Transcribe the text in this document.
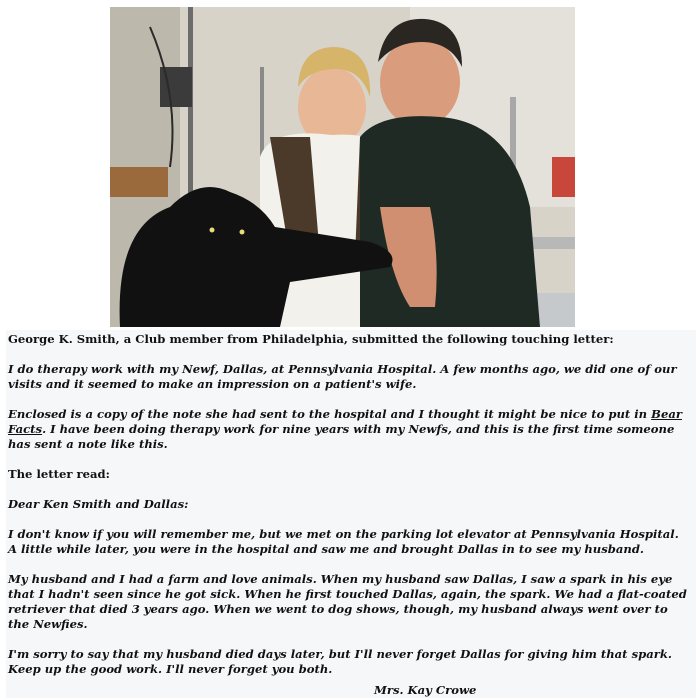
George K. Smith, a Club member from Philadelphia, submitted the following touching letter:

I do therapy work with my Newf, Dallas, at Pennsylvania Hospital. A few months ago, we did one of our

visits and it seemed to make an impression on a patient's wife.

Enclosed is a copy of the note she had sent to the hospital and I thought it might be nice to put in Bear

Facts. I have been doing therapy work for nine years with my Newfs, and this is the first time someone

has sent a note like this.

The letter read:

Dear Ken Smith and Dallas:

I don't know if you will remember me, but we met on the parking lot elevator at Pennsylvania Hospital.

A little while later, you were in the hospital and saw me and brought Dallas in to see my husband.

My husband and I had a farm and love animals. When my husband saw Dallas, I saw a spark in his eye

that I hadn't seen since he got sick. When he first touched Dallas, again, the spark. We had a flat-coated

retriever that died 3 years ago. When we went to dog shows, though, my husband always went over to

the Newfies.

I'm sorry to say that my husband died days later, but I'll never forget Dallas for giving him that spark.

Keep up the good work. I'll never forget you both.

Mrs. Kay Crowe
